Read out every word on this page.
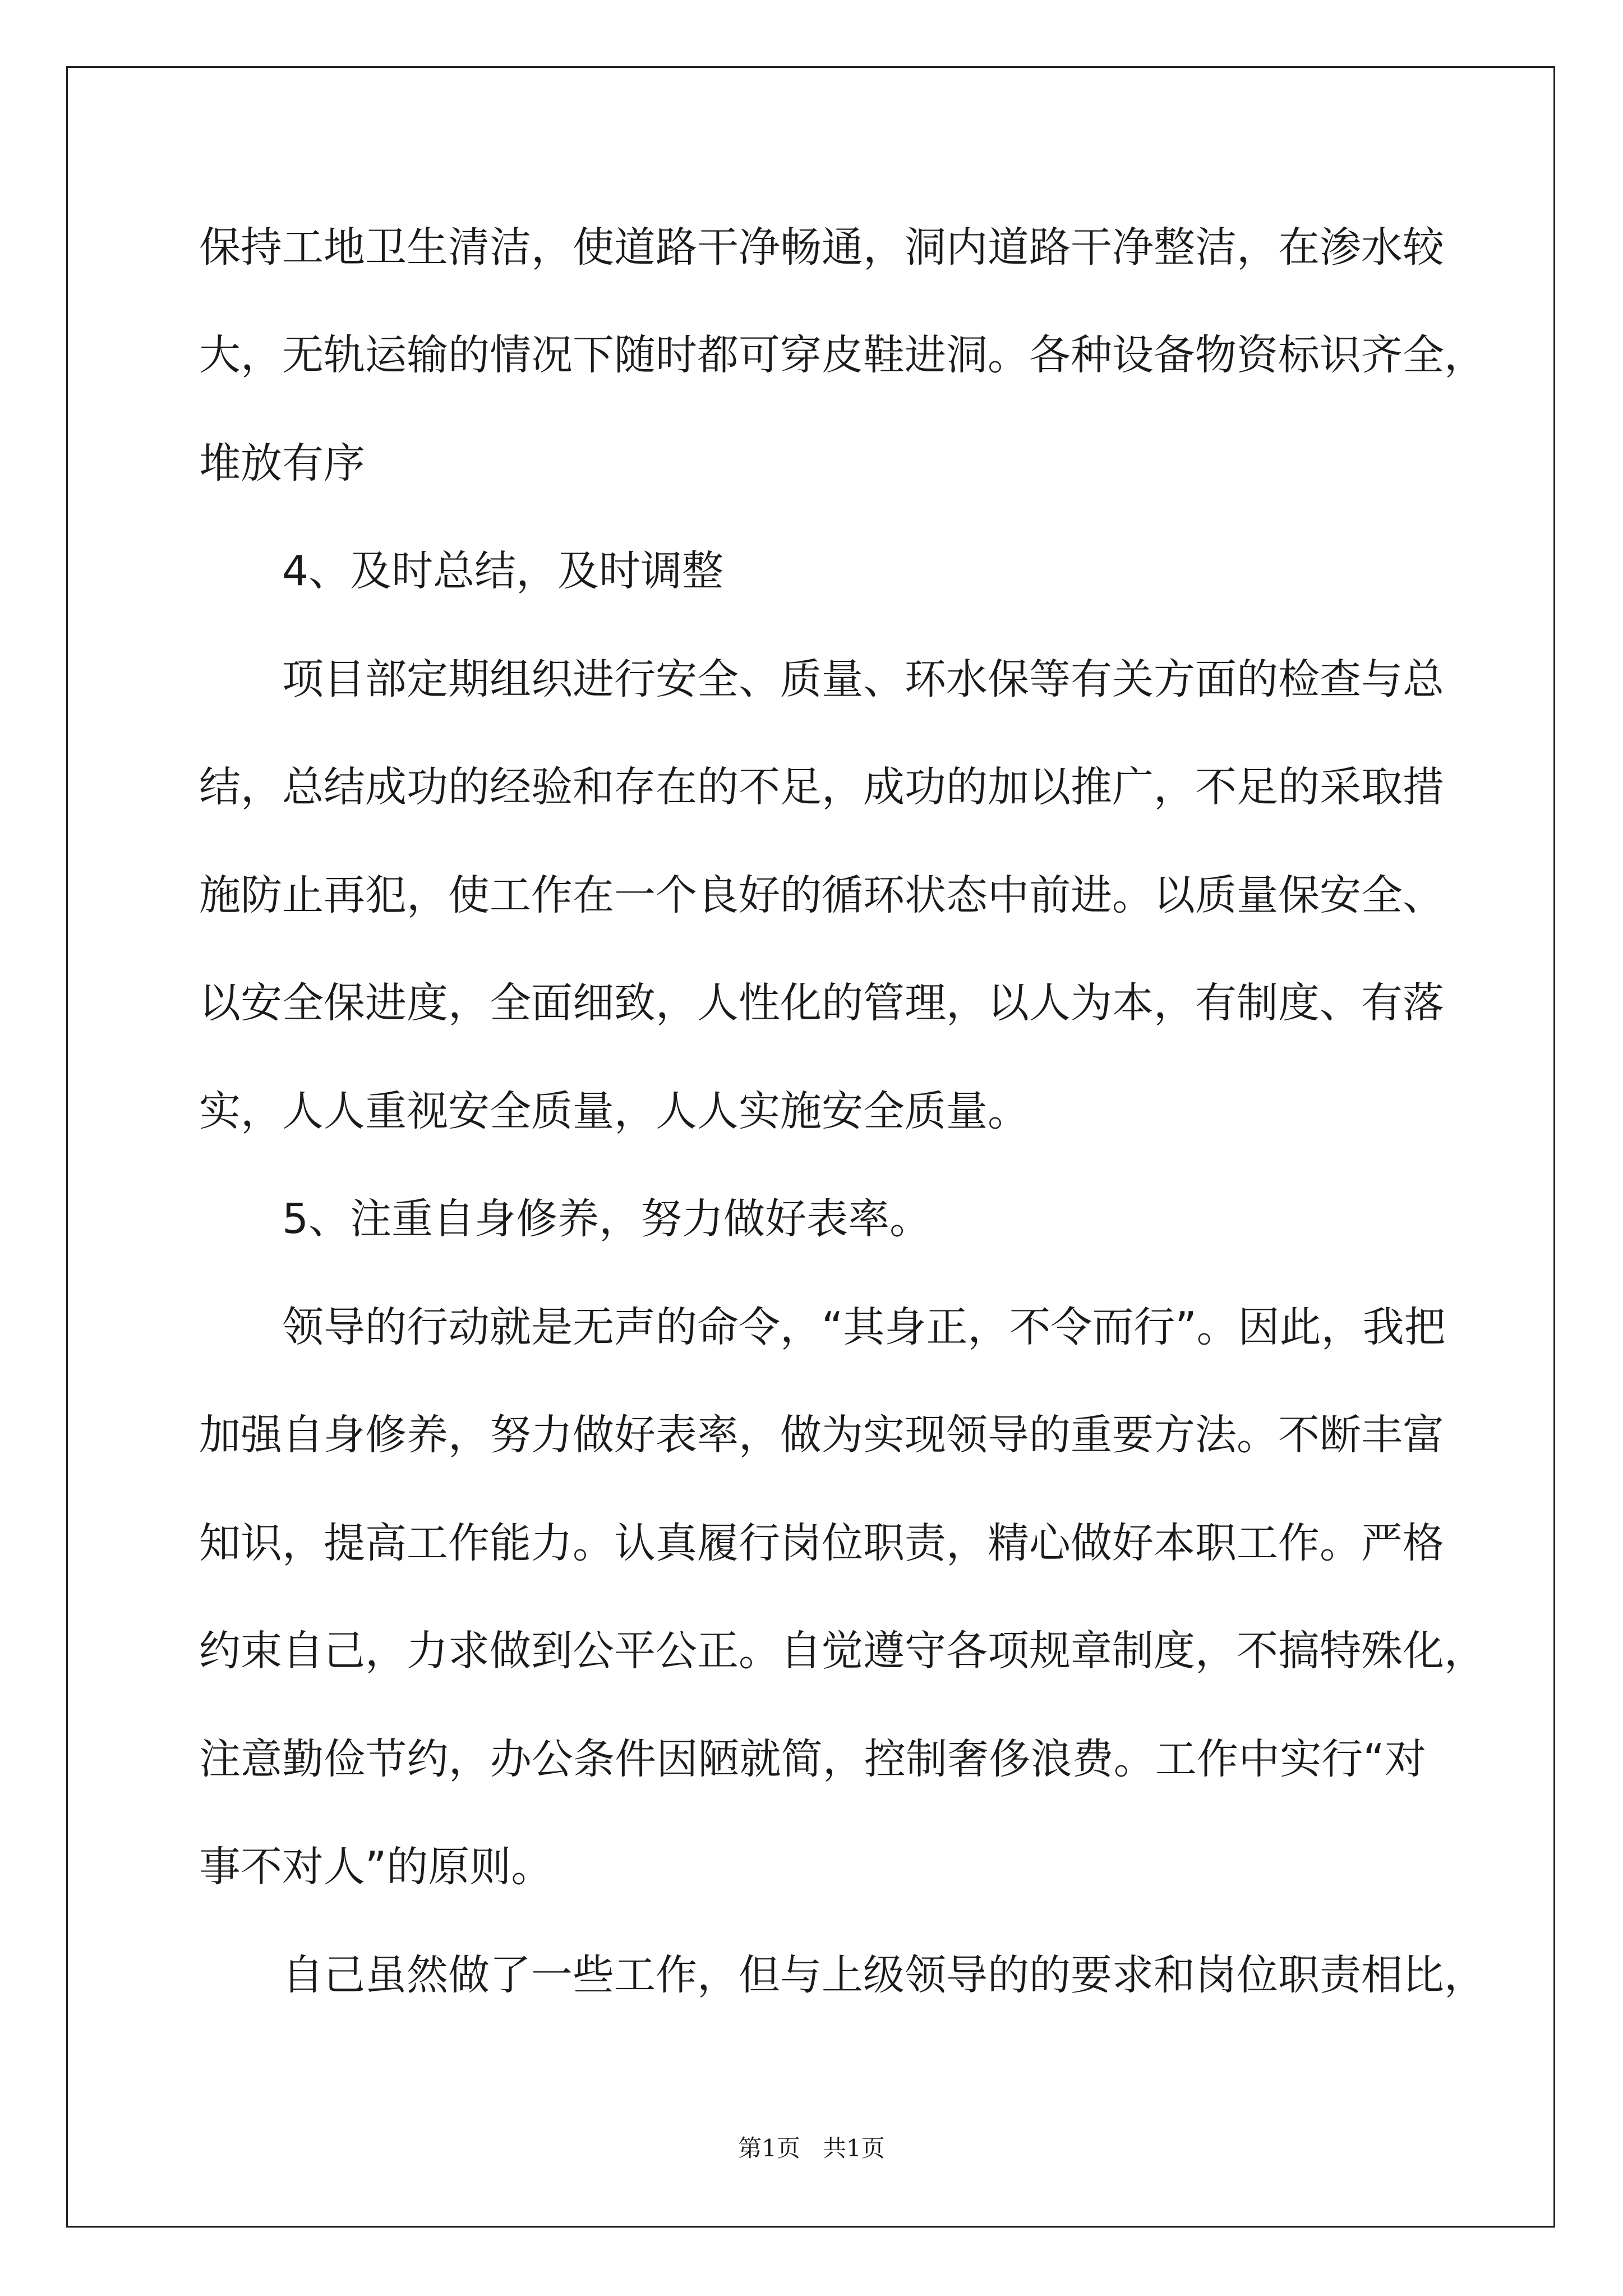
保持工地卫生清洁，使道路干净畅通，洞内道路干净整洁，在渗水较
大，无轨运输的情况下随时都可穿皮鞋进洞。各种设备物资标识齐全，
堆放有序
4、及时总结，及时调整
项目部定期组织进行安全、质量、环水保等有关方面的检查与总
结，总结成功的经验和存在的不足，成功的加以推广，不足的采取措
施防止再犯，使工作在一个良好的循环状态中前进。以质量保安全、
以安全保进度，全面细致，人性化的管理，以人为本，有制度、有落
实，人人重视安全质量，人人实施安全质量。
5、注重自身修养，努力做好表率。
领导的行动就是无声的命令，“其身正，不令而行”。因此，我把
加强自身修养，努力做好表率，做为实现领导的重要方法。不断丰富
知识，提高工作能力。认真履行岗位职责，精心做好本职工作。严格
约束自己，力求做到公平公正。自觉遵守各项规章制度，不搞特殊化，
注意勤俭节约，办公条件因陋就简，控制奢侈浪费。工作中实行“对
事不对人”的原则。
自己虽然做了一些工作，但与上级领导的的要求和岗位职责相比，
第1页   共1页
